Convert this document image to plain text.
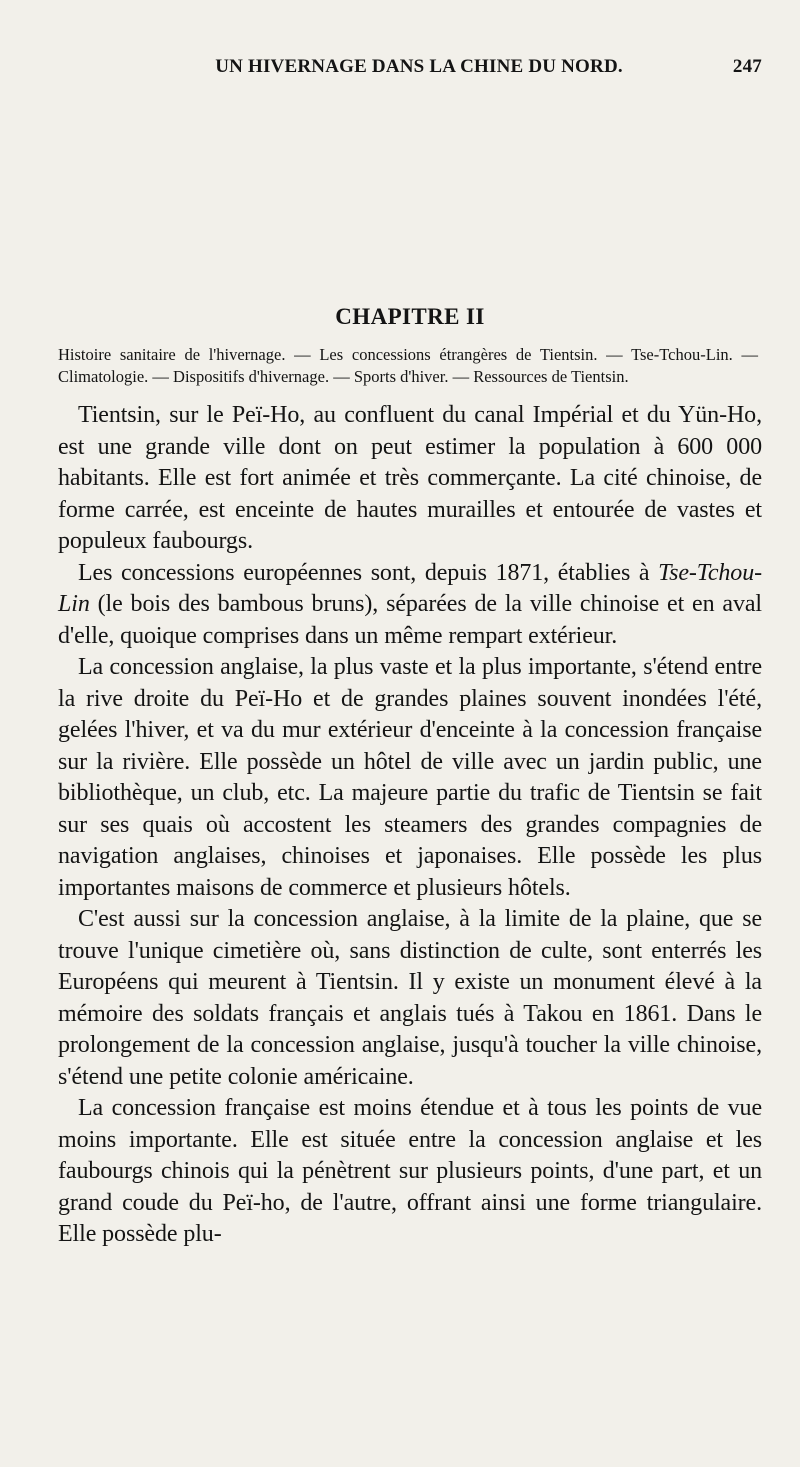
UN HIVERNAGE DANS LA CHINE DU NORD.	247
CHAPITRE II
Histoire sanitaire de l'hivernage. — Les concessions étrangères de Tientsin. — Tse-Tchou-Lin. — Climatologie. — Dispositifs d'hivernage. — Sports d'hiver. — Ressources de Tientsin.

Tientsin, sur le Peï-Ho, au confluent du canal Impérial et du Yün-Ho, est une grande ville dont on peut estimer la population à 600 000 habitants. Elle est fort animée et très commerçante. La cité chinoise, de forme carrée, est enceinte de hautes murailles et entourée de vastes et populeux faubourgs.

Les concessions européennes sont, depuis 1871, établies à Tse-Tchou-Lin (le bois des bambous bruns), séparées de la ville chinoise et en aval d'elle, quoique comprises dans un même rempart extérieur.

La concession anglaise, la plus vaste et la plus importante, s'étend entre la rive droite du Peï-Ho et de grandes plaines souvent inondées l'été, gelées l'hiver, et va du mur extérieur d'enceinte à la concession française sur la rivière. Elle possède un hôtel de ville avec un jardin public, une bibliothèque, un club, etc. La majeure partie du trafic de Tientsin se fait sur ses quais où accostent les steamers des grandes compagnies de navigation anglaises, chinoises et japonaises. Elle possède les plus importantes maisons de commerce et plusieurs hôtels.

C'est aussi sur la concession anglaise, à la limite de la plaine, que se trouve l'unique cimetière où, sans distinction de culte, sont enterrés les Européens qui meurent à Tientsin. Il y existe un monument élevé à la mémoire des soldats français et anglais tués à Takou en 1861. Dans le prolongement de la concession anglaise, jusqu'à toucher la ville chinoise, s'étend une petite colonie américaine.

La concession française est moins étendue et à tous les points de vue moins importante. Elle est située entre la concession anglaise et les faubourgs chinois qui la pénètrent sur plusieurs points, d'une part, et un grand coude du Peï-ho, de l'autre, offrant ainsi une forme triangulaire. Elle possède plu-
